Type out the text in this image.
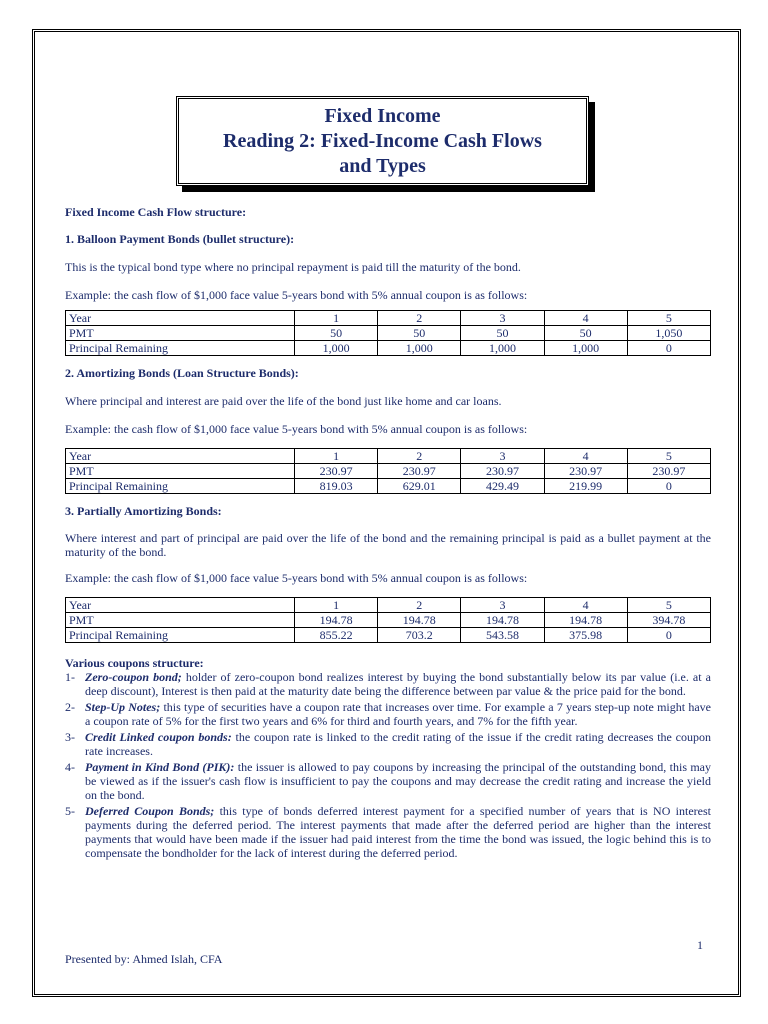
Fixed Income
Reading 2: Fixed-Income Cash Flows
and Types

Fixed Income Cash Flow structure:

1. Balloon Payment Bonds (bullet structure):

This is the typical bond type where no principal repayment is paid till the maturity of the bond.

Example: the cash flow of $1,000 face value 5-years bond with 5% annual coupon is as follows:

Year	1	2	3	4	5
PMT	50	50	50	50	1,050
Principal Remaining	1,000	1,000	1,000	1,000	0

2. Amortizing Bonds (Loan Structure Bonds):

Where principal and interest are paid over the life of the bond just like home and car loans.

Example: the cash flow of $1,000 face value 5-years bond with 5% annual coupon is as follows:

Year	1	2	3	4	5
PMT	230.97	230.97	230.97	230.97	230.97
Principal Remaining	819.03	629.01	429.49	219.99	0

3. Partially Amortizing Bonds:

Where interest and part of principal are paid over the life of the bond and the remaining principal is paid as a bullet payment at the maturity of the bond.

Example: the cash flow of $1,000 face value 5-years bond with 5% annual coupon is as follows:

Year	1	2	3	4	5
PMT	194.78	194.78	194.78	194.78	394.78
Principal Remaining	855.22	703.2	543.58	375.98	0

Various coupons structure:

1- Zero-coupon bond; holder of zero-coupon bond realizes interest by buying the bond substantially below its par value (i.e. at a deep discount), Interest is then paid at the maturity date being the difference between par value & the price paid for the bond.
2- Step-Up Notes; this type of securities have a coupon rate that increases over time. For example a 7 years step-up note might have a coupon rate of 5% for the first two years and 6% for third and fourth years, and 7% for the fifth year.
3- Credit Linked coupon bonds: the coupon rate is linked to the credit rating of the issue if the credit rating decreases the coupon rate increases.
4- Payment in Kind Bond (PIK): the issuer is allowed to pay coupons by increasing the principal of the outstanding bond, this may be viewed as if the issuer's cash flow is insufficient to pay the coupons and may decrease the credit rating and increase the yield on the bond.
5- Deferred Coupon Bonds; this type of bonds deferred interest payment for a specified number of years that is NO interest payments during the deferred period. The interest payments that made after the deferred period are higher than the interest payments that would have been made if the issuer had paid interest from the time the bond was issued, the logic behind this is to compensate the bondholder for the lack of interest during the deferred period.
1
Presented by: Ahmed Islah, CFA
